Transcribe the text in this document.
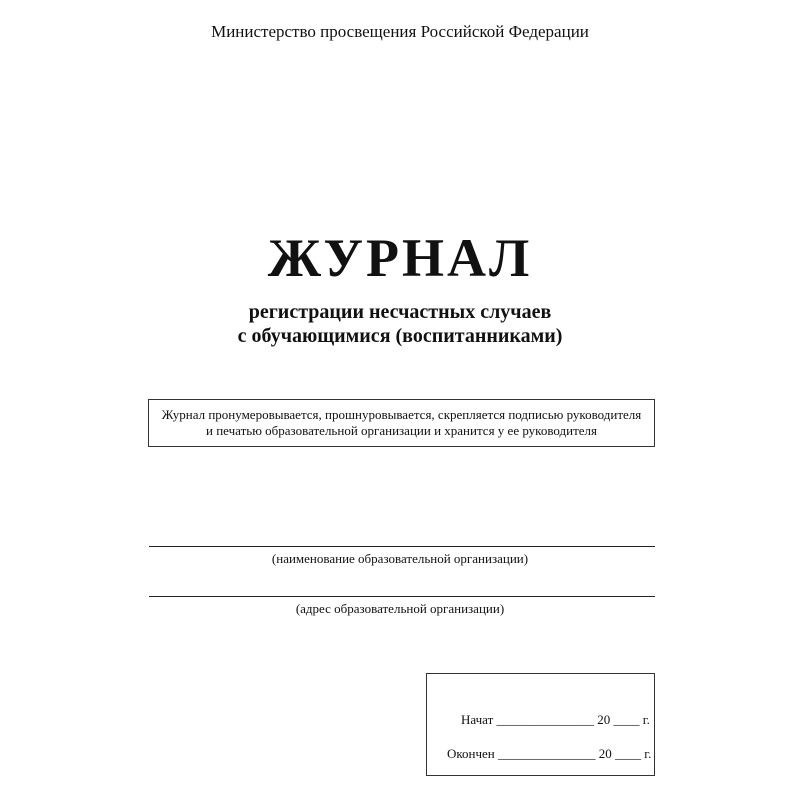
Министерство просвещения Российской Федерации
ЖУРНАЛ
регистрации несчастных случаев
с обучающимися (воспитанниками)
Журнал пронумеровывается, прошнуровывается, скрепляется подписью руководителя
и печатью образовательной организации и хранится у ее руководителя
(наименование образовательной организации)
(адрес образовательной организации)
Начат _______________ 20 ____ г.
Окончен _______________ 20 ____ г.
